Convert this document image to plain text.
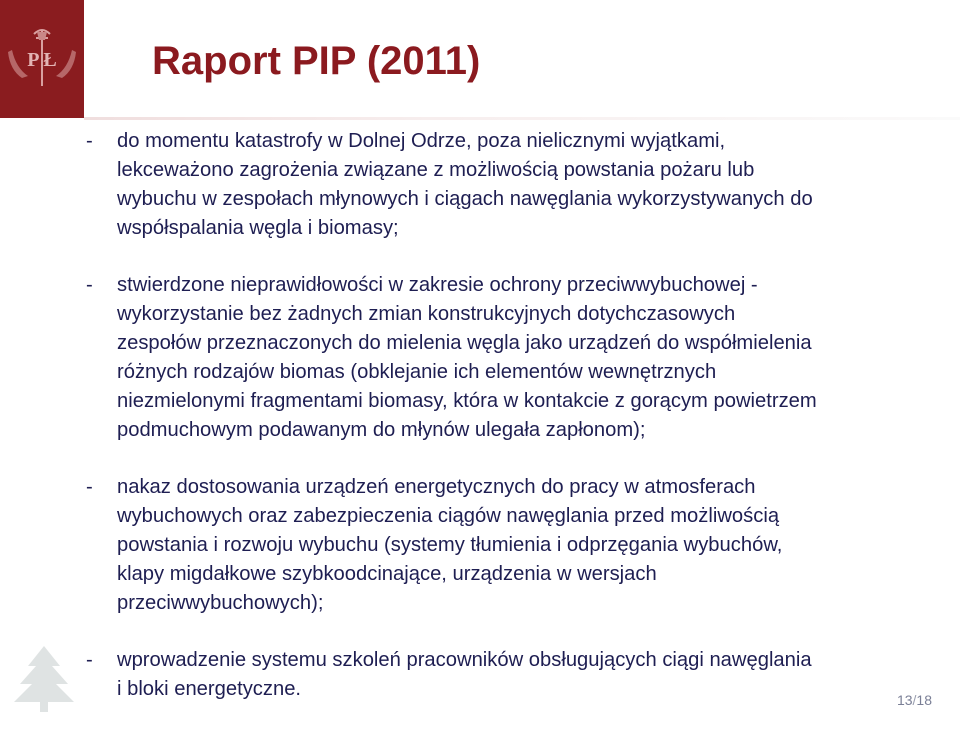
P Ł Raport PIP (2011)
-	do momentu katastrofy w Dolnej Odrze, poza nielicznymi wyjątkami,
lekceważono zagrożenia związane z możliwością powstania pożaru lub
wybuchu w zespołach młynowych i ciągach nawęglania wykorzystywanych do
współspalania węgla i biomasy;
-	stwierdzone nieprawidłowości w zakresie ochrony przeciwwybuchowej -
wykorzystanie bez żadnych zmian konstrukcyjnych dotychczasowych
zespołów przeznaczonych do mielenia węgla jako urządzeń do współmielenia
różnych rodzajów biomas (obklejanie ich elementów wewnętrznych
niezmielonymi fragmentami biomasy, która w kontakcie z gorącym powietrzem
podmuchowym podawanym do młynów ulegała zapłonom);
-	nakaz dostosowania urządzeń energetycznych do pracy w atmosferach
wybuchowych oraz zabezpieczenia ciągów nawęglania przed możliwością
powstania i rozwoju wybuchu (systemy tłumienia i odprzęgania wybuchów,
klapy migdałkowe szybkoodcinające, urządzenia w wersjach
przeciwwybuchowych);
-	wprowadzenie systemu szkoleń pracowników obsługujących ciągi nawęglania
i bloki energetyczne.	13/18
